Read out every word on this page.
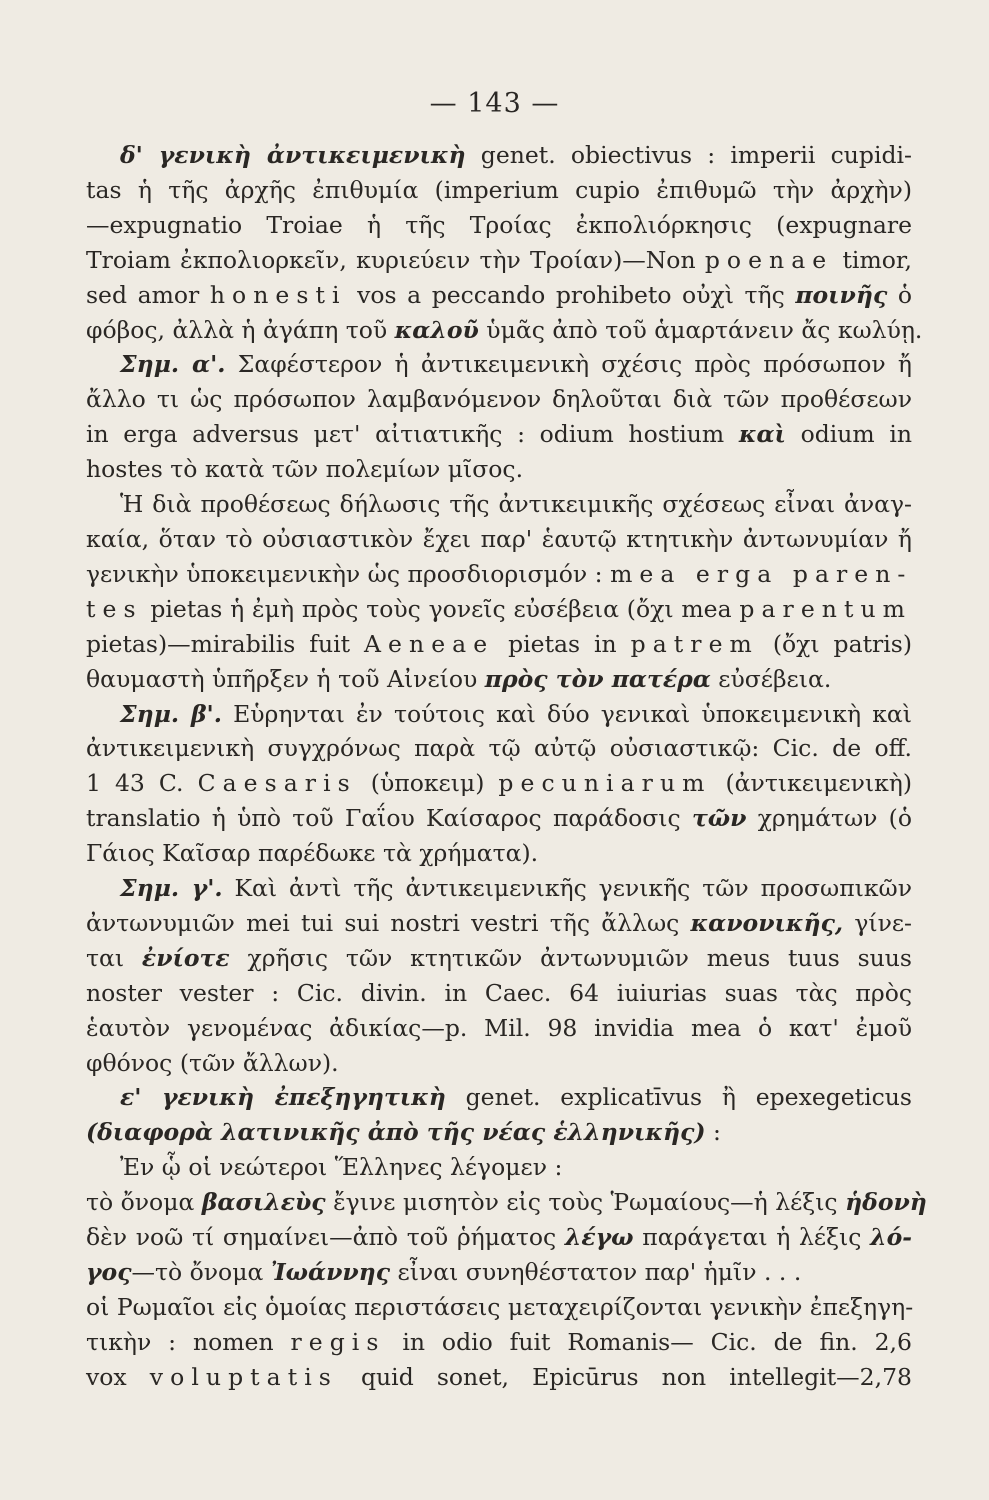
— 143 —
δ' γενικὴ ἀντικειμενικὴ genet. obiectivus : imperii cupidi-
tas ἡ τῆς ἀρχῆς ἐπιθυμία (imperium cupio ἐπιθυμῶ τὴν ἀρχὴν)
—expugnatio Troiae ἡ τῆς Τροίας ἐκπολιόρκησις (expugnare
Troiam ἐκπολιορκεῖν, κυριεύειν τὴν Τροίαν)—Non poenae timor,
sed amor honesti vos a peccando prohibeto οὐχὶ τῆς ποινῆς ὁ
φόβος, ἀλλὰ ἡ ἀγάπη τοῦ καλοῦ ὑμᾶς ἀπὸ τοῦ ἁμαρτάνειν ἄς κωλύῃ.
Σημ. α'. Σαφέστερον ἡ ἀντικειμενικὴ σχέσις πρὸς πρόσωπον ἤ
ἄλλο τι ὡς πρόσωπον λαμβανόμενον δηλοῦται διὰ τῶν προθέσεων
in erga adversus μετ' αἰτιατικῆς : odium hostium καὶ odium in
hostes τὸ κατὰ τῶν πολεμίων μῖσος.
Ἡ διὰ προθέσεως δήλωσις τῆς ἀντικειμικῆς σχέσεως εἶναι ἀναγ-
καία, ὅταν τὸ οὐσιαστικὸν ἔχει παρ' ἑαυτῷ κτητικὴν ἀντωνυμίαν ἤ
γενικὴν ὑποκειμενικὴν ὡς προσδιορισμόν : mea erga paren-
tes pietas ἡ ἐμὴ πρὸς τοὺς γονεῖς εὐσέβεια (ὄχι mea parentum
pietas)—mirabilis fuit Aeneae pietas in patrem (ὄχι patris)
θαυμαστὴ ὑπῆρξεν ἡ τοῦ Αἰνείου πρὸς τὸν πατέρα εὐσέβεια.
Σημ. β'. Εὑρηνται ἐν τούτοις καὶ δύο γενικαὶ ὑποκειμενικὴ καὶ
ἀντικειμενικὴ συγχρόνως παρὰ τῷ αὐτῷ οὐσιαστικῷ: Cic. de off.
1 43 C. Caesaris (ὑποκειμ) pecuniarum (ἀντικειμενικὴ)
translatio ἡ ὑπὸ τοῦ Γαΐου Καίσαρος παράδοσις τῶν χρημάτων (ὁ
Γάιος Καῖσαρ παρέδωκε τὰ χρήματα).
Σημ. γ'. Καὶ ἀντὶ τῆς ἀντικειμενικῆς γενικῆς τῶν προσωπικῶν
ἀντωνυμιῶν mei tui sui nostri vestri τῆς ἄλλως κανονικῆς, γίνε-
ται ἐνίοτε χρῆσις τῶν κτητικῶν ἀντωνυμιῶν meus tuus suus
noster vester : Cic. divin. in Caec. 64 iuiurias suas τὰς πρὸς
ἑαυτὸν γενομένας ἀδικίας—p. Mil. 98 invidia mea ὁ κατ' ἐμοῦ
φθόνος (τῶν ἄλλων).
ε' γενικὴ ἐπεξηγητικὴ genet. explicatīvus ἢ epexegeticus
(διαφορὰ λατινικῆς ἀπὸ τῆς νέας ἑλληνικῆς) :
Ἐν ᾧ οἱ νεώτεροι Ἕλληνες λέγομεν :
τὸ ὄνομα βασιλεὺς ἔγινε μισητὸν εἰς τοὺς Ῥωμαίους—ἡ λέξις ἡδονὴ
δὲν νοῶ τί σημαίνει—ἀπὸ τοῦ ῥήματος λέγω παράγεται ἡ λέξις λό-
γος—τὸ ὄνομα Ἰωάννης εἶναι συνηθέστατον παρ' ἡμῖν . . .
οἱ Ρωμαῖοι εἰς ὁμοίας περιστάσεις μεταχειρίζονται γενικὴν ἐπεξηγη-
τικὴν : nomen regis in odio fuit Romanis— Cic. de fin. 2,6
vox voluptatis quid sonet, Epicūrus non intellegit—2,78
